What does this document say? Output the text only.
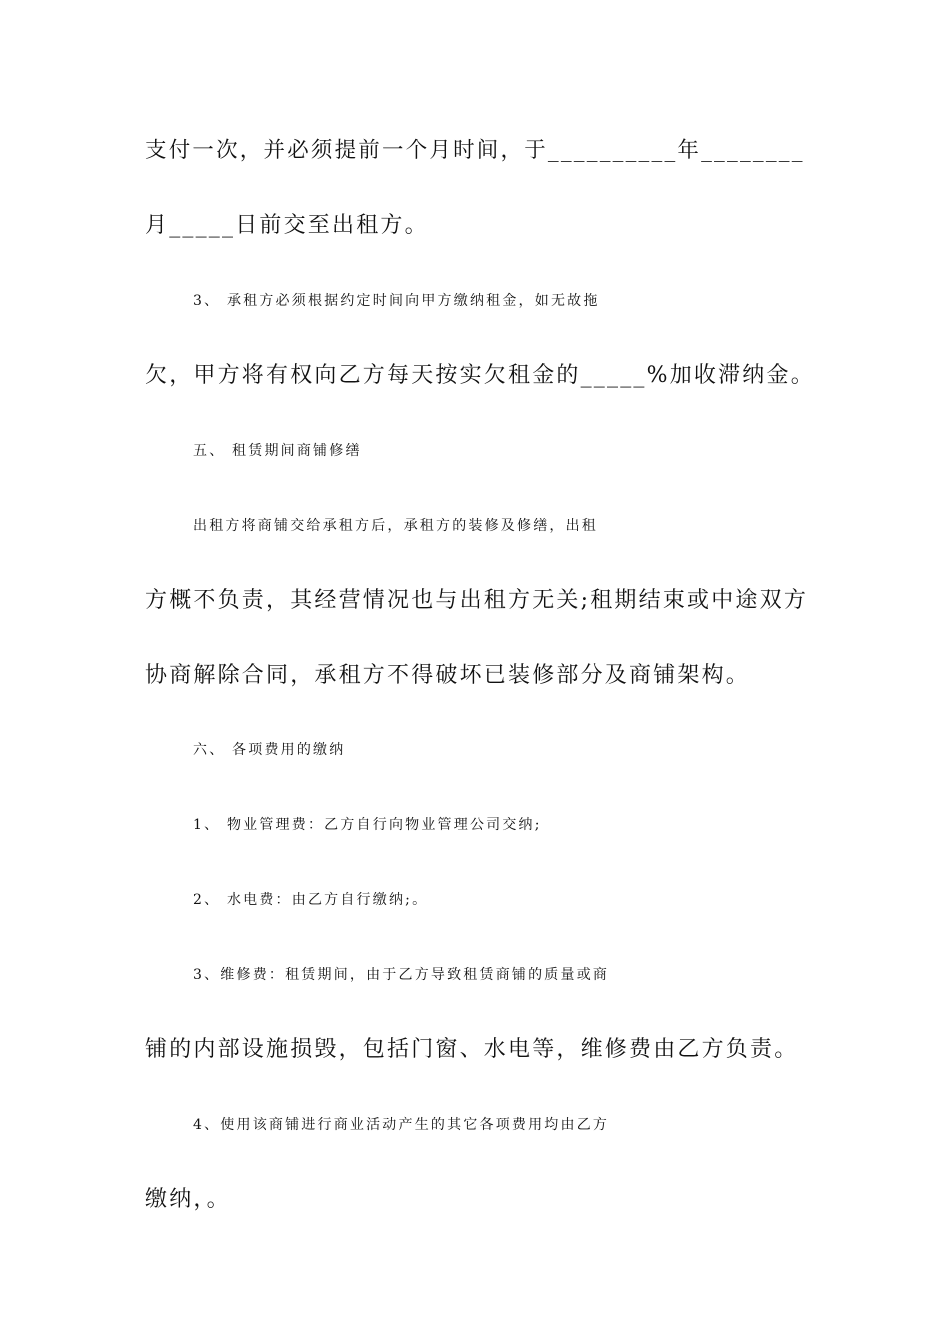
支付一次，并必须提前一个月时间，于__________年________
月_____日前交至出租方。
3、 承租方必须根据约定时间向甲方缴纳租金，如无故拖
欠，甲方将有权向乙方每天按实欠租金的_____%加收滞纳金。
五、 租赁期间商铺修缮
出租方将商铺交给承租方后，承租方的装修及修缮，出租
方概不负责，其经营情况也与出租方无关;租期结束或中途双方
协商解除合同，承租方不得破坏已装修部分及商铺架构。
六、 各项费用的缴纳
1、 物业管理费：乙方自行向物业管理公司交纳;
2、 水电费：由乙方自行缴纳;。
3、维修费：租赁期间，由于乙方导致租赁商铺的质量或商
铺的内部设施损毁，包括门窗、水电等，维修费由乙方负责。
4、使用该商铺进行商业活动产生的其它各项费用均由乙方
缴纳，。
